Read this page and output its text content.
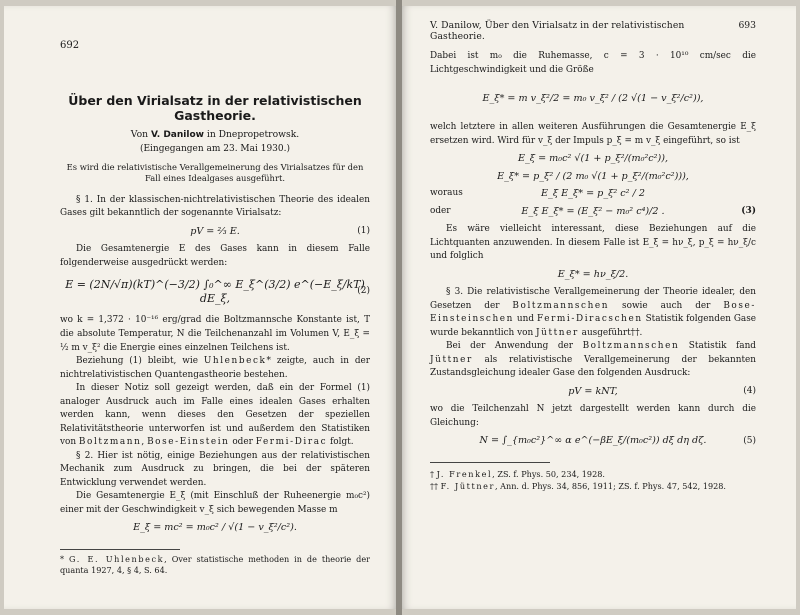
692
Über den Virialsatz in der relativistischen Gastheorie.
Von V. Danilow in Dnepropetrowsk.
(Eingegangen am 23. Mai 1930.)
Es wird die relativistische Verallgemeinerung des Virialsatzes für den Fall eines Idealgases ausgeführt.

§ 1. In der klassischen-nichtrelativistischen Theorie des idealen Gases gilt bekanntlich der sogenannte Virialsatz:

pV = ⅔ E.	(1)

Die Gesamtenergie E des Gases kann in diesem Falle folgenderweise ausgedrückt werden:

E = (2N/√π)(kT)^(−3/2) ∫₀^∞ E_ξ^(3/2) e^(−E_ξ/kT) dE_ξ,
(2)

wo k = 1,372 · 10⁻¹⁶ erg/grad die Boltzmannsche Konstante ist, T die absolute Temperatur, N die Teilchenanzahl im Volumen V, E_ξ = ½ m v_ξ² die Energie eines einzelnen Teilchens ist.

Beziehung (1) bleibt, wie Uhlenbeck* zeigte, auch in der nichtrelativistischen Quantengastheorie bestehen.

In dieser Notiz soll gezeigt werden, daß ein der Formel (1) analoger Ausdruck auch im Falle eines idealen Gases erhalten werden kann, wenn dieses den Gesetzen der speziellen Relativitätstheorie unterworfen ist und außerdem den Statistiken von Boltzmann, Bose-Einstein oder Fermi-Dirac folgt.

§ 2. Hier ist nötig, einige Beziehungen aus der relativistischen Mechanik zum Ausdruck zu bringen, die bei der späteren Entwicklung verwendet werden.

Die Gesamtenergie E_ξ (mit Einschluß der Ruheenergie m₀c²) einer mit der Geschwindigkeit v_ξ sich bewegenden Masse m

E_ξ = mc² = m₀c² / √(1 − v_ξ²/c²).
* G. E. Uhlenbeck, Over statistische methoden in de theorie der quanta 1927, 4, § 4, S. 64.
V. Danilow, Über den Virialsatz in der relativistischen Gastheorie.
693

Dabei ist m₀ die Ruhemasse, c = 3 · 10¹⁰ cm/sec die Lichtgeschwindigkeit und die Größe

E_ξ* = m v_ξ²/2 = m₀ v_ξ² / (2 √(1 − v_ξ²/c²)),

welch letztere in allen weiteren Ausführungen die Gesamtenergie E_ξ ersetzen wird. Wird für v_ξ der Impuls p_ξ = m v_ξ eingeführt, so ist

E_ξ = m₀c² √(1 + p_ξ²/(m₀²c²)),
E_ξ* = p_ξ² / (2 m₀ √(1 + p_ξ²/(m₀²c²))),
woraus	E_ξ E_ξ* = p_ξ² c² / 2
oder	E_ξ E_ξ* = (E_ξ² − m₀² c⁴)/2 .	(3)

Es wäre vielleicht interessant, diese Beziehungen auf die Lichtquanten anzuwenden. In diesem Falle ist E_ξ = hν_ξ, p_ξ = hν_ξ/c und folglich

E_ξ* = hν_ξ/2.

§ 3. Die relativistische Verallgemeinerung der Theorie idealer, den Gesetzen der Boltzmannschen sowie auch der Bose-Einsteinschen und Fermi-Diracschen Statistik folgenden Gase wurde bekanntlich von Jüttner ausgeführt††.

Bei der Anwendung der Boltzmannschen Statistik fand Jüttner als relativistische Verallgemeinerung der bekannten Zustandsgleichung idealer Gase den folgenden Ausdruck:

pV = kNT,	(4)

wo die Teilchenzahl N jetzt dargestellt werden kann durch die Gleichung:

N = ∫_{m₀c²}^∞ α e^(−βE_ξ/(m₀c²)) dξ dη dζ.	(5)
† J. Frenkel, ZS. f. Phys. 50, 234, 1928.
†† F. Jüttner, Ann. d. Phys. 34, 856, 1911; ZS. f. Phys. 47, 542, 1928.
